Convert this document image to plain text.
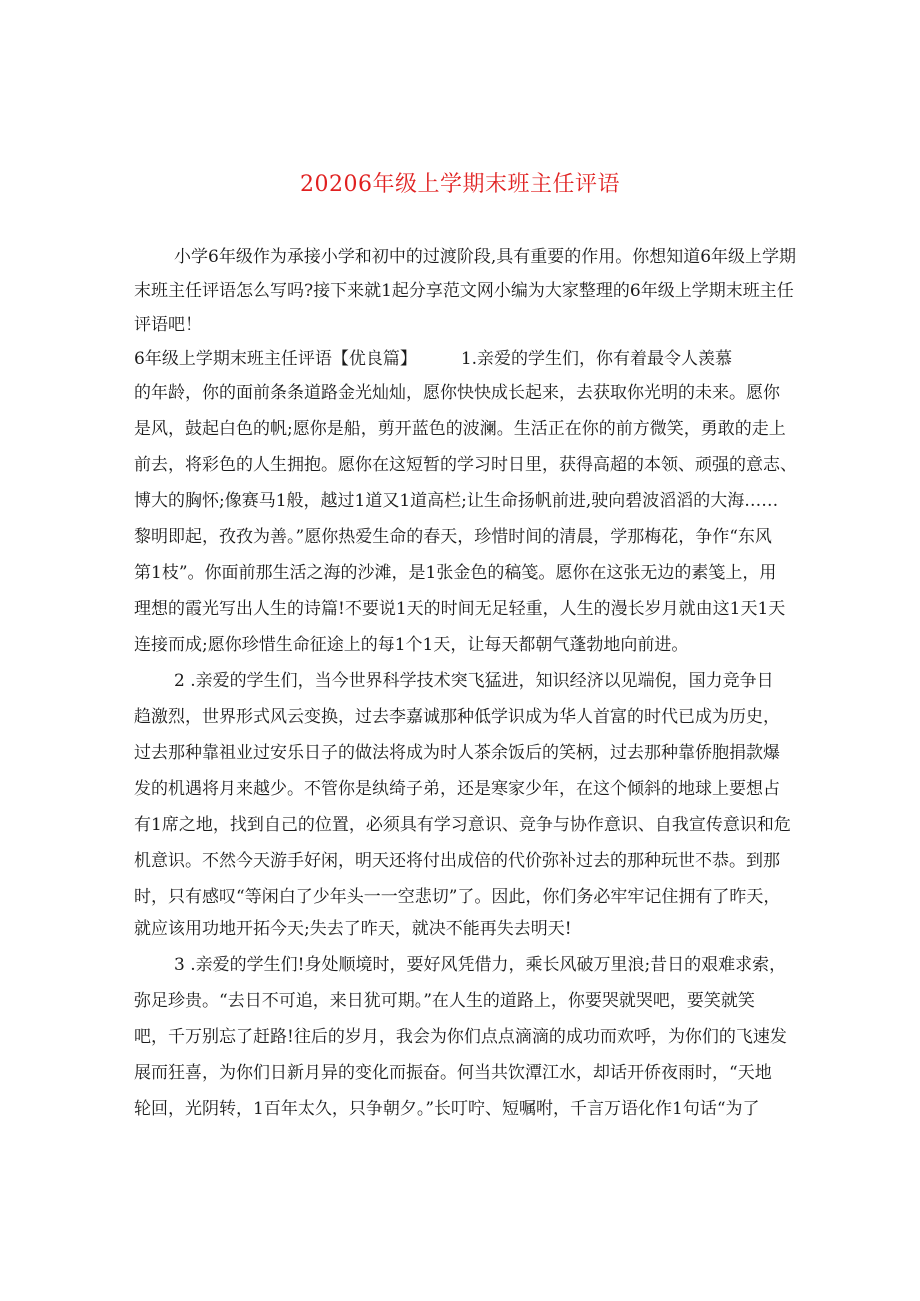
20206年级上学期末班主任评语
小学6年级作为承接小学和初中的过渡阶段,具有重要的作用。你想知道6年级上学期
末班主任评语怎么写吗?接下来就1起分享范文网小编为大家整理的6年级上学期末班主任
评语吧！
6年级上学期末班主任评语【优良篇】	1.亲爱的学生们，你有着最令人羡慕
的年龄，你的面前条条道路金光灿灿，愿你快快成长起来，去获取你光明的未来。愿你
是风，鼓起白色的帆;愿你是船，剪开蓝色的波澜。生活正在你的前方微笑，勇敢的走上
前去，将彩色的人生拥抱。愿你在这短暂的学习时日里，获得高超的本领、顽强的意志、
博大的胸怀;像赛马1般，越过1道又1道高栏;让生命扬帆前进,驶向碧波滔滔的大海……
黎明即起，孜孜为善。”愿你热爱生命的春天，珍惜时间的清晨，学那梅花，争作“东风
第1枝”。你面前那生活之海的沙滩，是1张金色的稿笺。愿你在这张无边的素笺上，用
理想的霞光写出人生的诗篇!不要说1天的时间无足轻重，人生的漫长岁月就由这1天1天
连接而成;愿你珍惜生命征途上的每1个1天，让每天都朝气蓬勃地向前进。
2 .亲爱的学生们，当今世界科学技术突飞猛进，知识经济以见端倪，国力竞争日
趋激烈，世界形式风云变换，过去李嘉诚那种低学识成为华人首富的时代已成为历史，
过去那种靠祖业过安乐日子的做法将成为时人茶余饭后的笑柄，过去那种靠侨胞捐款爆
发的机遇将月来越少。不管你是纨绮子弟，还是寒家少年，在这个倾斜的地球上要想占
有1席之地，找到自己的位置，必须具有学习意识、竞争与协作意识、自我宣传意识和危
机意识。不然今天游手好闲，明天还将付出成倍的代价弥补过去的那种玩世不恭。到那
时，只有感叹“等闲白了少年头一一空悲切”了。因此，你们务必牢牢记住拥有了昨天，
就应该用功地开拓今天;失去了昨天，就决不能再失去明天!
3 .亲爱的学生们!身处顺境时，要好风凭借力，乘长风破万里浪;昔日的艰难求索，
弥足珍贵。“去日不可追，来日犹可期。”在人生的道路上，你要哭就哭吧，要笑就笑
吧，千万别忘了赶路!往后的岁月，我会为你们点点滴滴的成功而欢呼，为你们的飞速发
展而狂喜，为你们日新月异的变化而振奋。何当共饮潭江水，却话开侨夜雨时，“天地
轮回，光阴转，1百年太久，只争朝夕。”长叮咛、短嘱咐，千言万语化作1句话“为了
